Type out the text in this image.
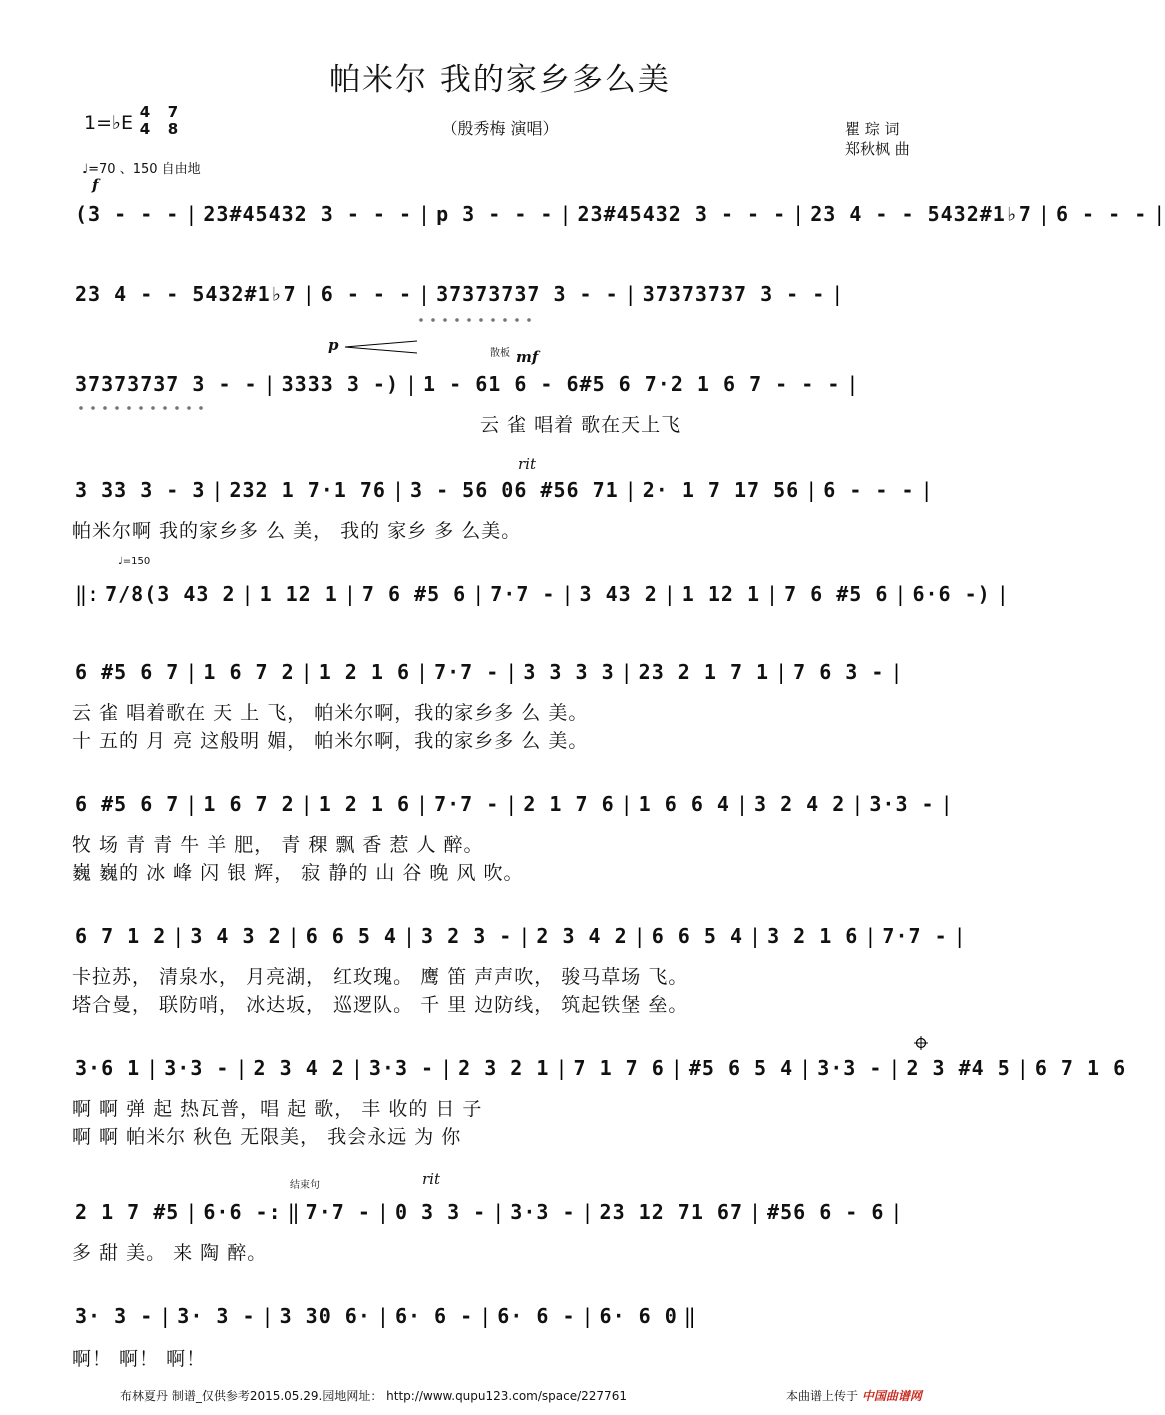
帕米尔 我的家乡多么美
1=♭E 4
4
7
8	（殷秀梅 演唱）	瞿 琮 词
郑秋枫 曲
♩=70 、150 自由地
f
p	散板 mf
rit
♩=150
结束句	rit
(3 - - - | 23#45432 3 - - - | p 3 - - - | 23#45432 3 - - - | 23 4 - - 5432#1♭7 | 6 - - - |
23 4 - - 5432#1♭7 | 6 - - - | 37373737 3 - - | 37373737 3 - - |
37373737 3 - - | 3333 3 -) | 1 - 61 6 - 6#5 6 7·2 1 6 7 - - - |
云 雀 唱着 歌在天上飞
3 33 3 - 3 | 232 1 7·1 76 | 3 - 56 06 #56 71 | 2· 1 7 17 56 | 6 - - - |
帕米尔啊 我的家乡多 么 美， 我的 家乡 多 么美。
‖: 7/8(3 43 2 | 1 12 1 | 7 6 #5 6 | 7·7 - | 3 43 2 | 1 12 1 | 7 6 #5 6 | 6·6 -) |
6 #5 6 7 | 1 6 7 2 | 1 2 1 6 | 7·7 - | 3 3 3 3 | 23 2 1 7 1 | 7 6 3 - |
云 雀 唱着歌在 天 上 飞， 帕米尔啊，我的家乡多 么 美。
十 五的 月 亮 这般明 媚， 帕米尔啊，我的家乡多 么 美。
6 #5 6 7 | 1 6 7 2 | 1 2 1 6 | 7·7 - | 2 1 7 6 | 1 6 6 4 | 3 2 4 2 | 3·3 - |
牧 场 青 青 牛 羊 肥， 青 稞 飘 香 惹 人 醉。
巍 巍的 冰 峰 闪 银 辉， 寂 静的 山 谷 晚 风 吹。
6 7 1 2 | 3 4 3 2 | 6 6 5 4 | 3 2 3 - | 2 3 4 2 | 6 6 5 4 | 3 2 1 6 | 7·7 - |
卡拉苏， 清泉水， 月亮湖， 红玫瑰。 鹰 笛 声声吹， 骏马草场 飞。
塔合曼， 联防哨， 冰达坂， 巡逻队。 千 里 边防线， 筑起铁堡 垒。
3·6 1 | 3·3 - | 2 3 4 2 | 3·3 - | 2 3 2 1 | 7 1 7 6 | #5 6 5 4 | 3·3 - | 2 3 #4 5 | 6 7 1 6
啊 啊 弹 起 热瓦普，唱 起 歌， 丰 收的 日 子
啊 啊 帕米尔 秋色 无限美， 我会永远 为 你
2 1 7 #5 | 6·6 -: ‖ 7·7 - | 0 3 3 - | 3·3 - | 23 12 71 67 | #56 6 - 6 |
多 甜 美。 来 陶 醉。
3· 3 - | 3· 3 - | 3 30 6· | 6· 6 - | 6· 6 - | 6· 6 0 ‖
啊！ 啊！ 啊！
布林夏丹 制谱_仅供参考2015.05.29.园地网址： http://www.qupu123.com/space/227761	本曲谱上传于 中国曲谱网
